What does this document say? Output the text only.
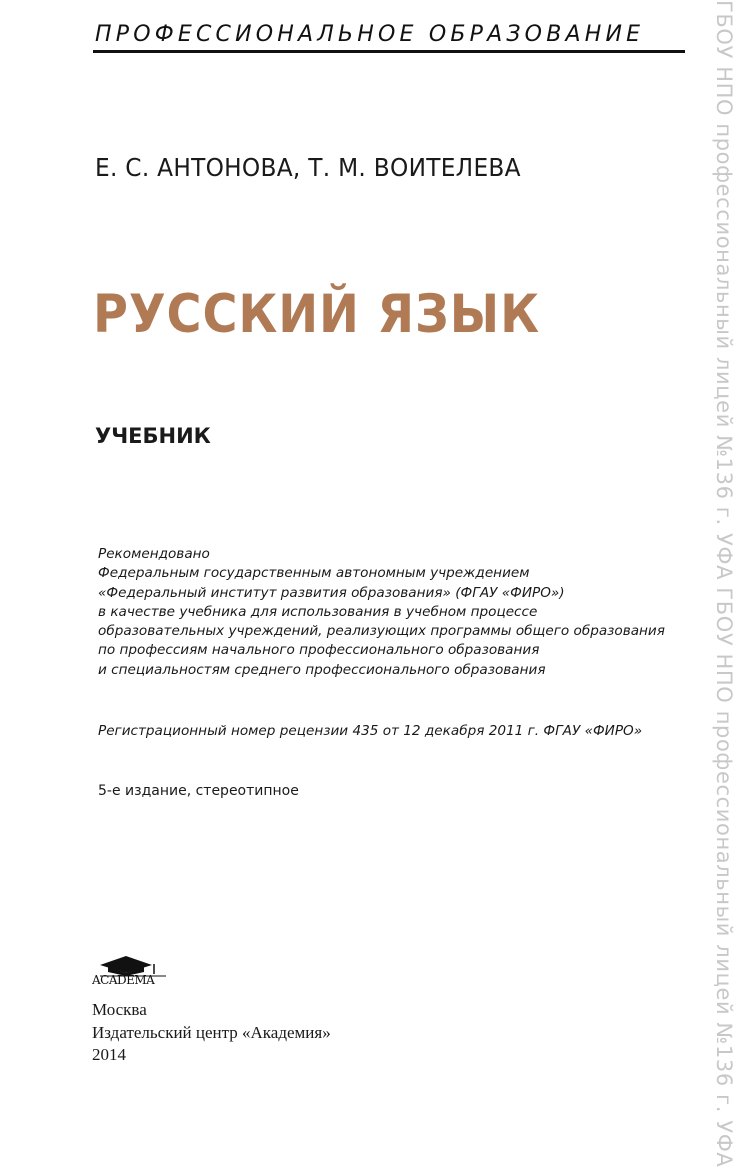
ПРОФЕССИОНАЛЬНОЕ ОБРАЗОВАНИЕ
Е. С. АНТОНОВА, Т. М. ВОИТЕЛЕВА
РУССКИЙ ЯЗЫК
УЧЕБНИК
Рекомендовано
Федеральным государственным автономным учреждением
«Федеральный институт развития образования» (ФГАУ «ФИРО»)
в качестве учебника для использования в учебном процессе
образовательных учреждений, реализующих программы общего образования
по профессиям начального профессионального образования
и специальностям среднего профессионального образования
Регистрационный номер рецензии 435 от 12 декабря 2011 г. ФГАУ «ФИРО»
5-е издание, стереотипное
ACADEMA
Москва
Издательский центр «Академия»
2014	ГБОУ НПО профессиональный лицей №136 г. УФА ГБОУ НПО профессиональный лицей №136 г. УФА
